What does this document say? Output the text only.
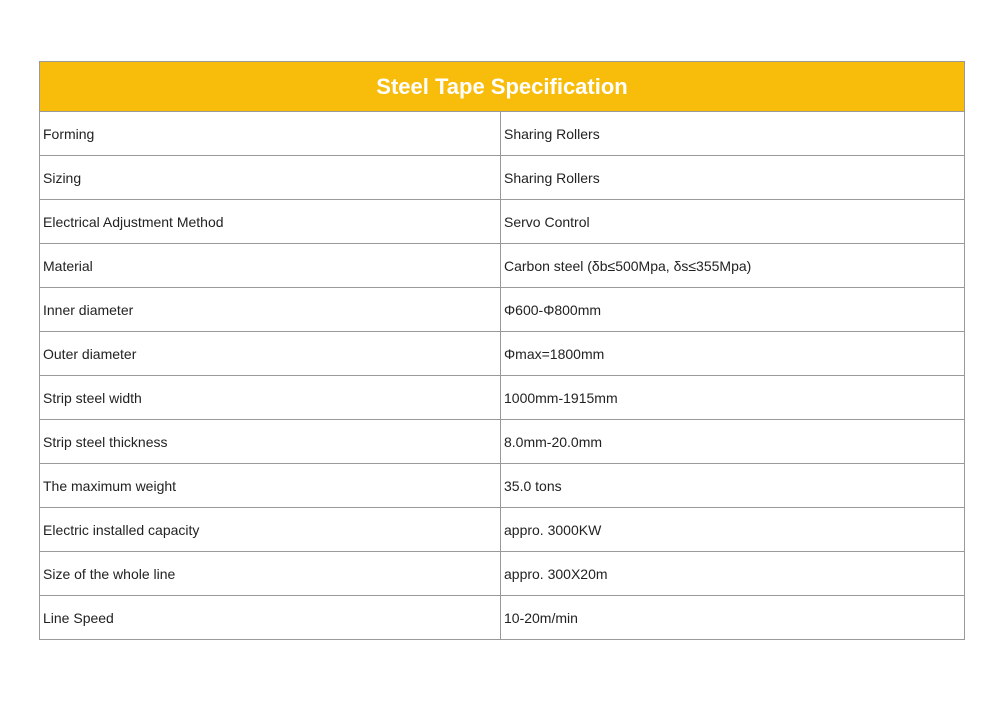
Steel Tape Specification	
Forming	Sharing Rollers
Sizing	Sharing Rollers
Electrical Adjustment Method	Servo Control
Material	Carbon steel (δb≤500Mpa, δs≤355Mpa)
Inner diameter	Φ600-Φ800mm
Outer diameter	Φmax=1800mm
Strip steel width	1000mm-1915mm
Strip steel thickness	8.0mm-20.0mm
The maximum weight	35.0 tons
Electric installed capacity	appro. 3000KW
Size of the whole line	appro. 300X20m
Line Speed	10-20m/min
